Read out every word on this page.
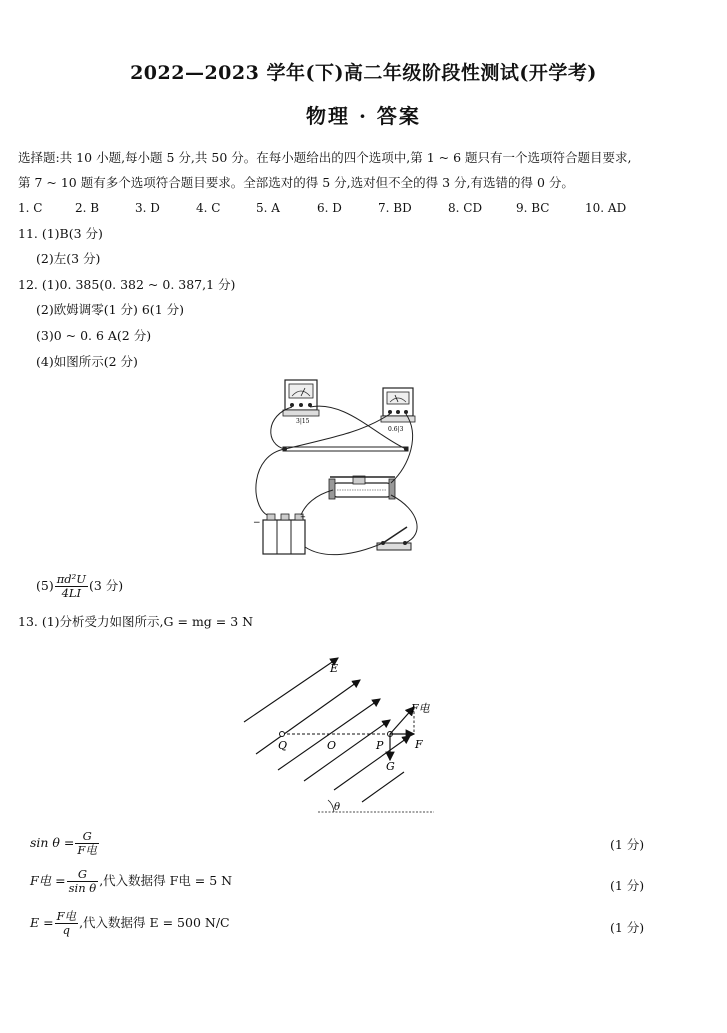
2022—2023 学年(下)高二年级阶段性测试(开学考)
物理 · 答案
选择题:共 10 小题,每小题 5 分,共 50 分。在每小题给出的四个选项中,第 1 ~ 6 题只有一个选项符合题目要求,
第 7 ~ 10 题有多个选项符合题目要求。全部选对的得 5 分,选对但不全的得 3 分,有选错的得 0 分。
1. C	2. B	3. D	4. C	5. A	6. D	7. BD	8. CD	9. BC	10. AD
11. (1)B(3 分)
(2)左(3 分)
12. (1)0. 385(0. 382 ~ 0. 387,1 分)
(2)欧姆调零(1 分) 6(1 分)
(3)0 ~ 0. 6 A(2 分)
(4)如图所示(2 分)
3|15
0.6|3
−
+
$(5) \frac{\text{πd²U}}{4LI} (3$ 分)
13. (1)分析受力如图所示,G = mg = 3 N
E
Q	O	P
F电
F
G
θ
$\sin \theta = \frac{G}{\text{F电}}$	(1 分)
F电 = $\frac{G}{\text{sin θ}}$ ,代入数据得 F电 = 5 N	(1 分)
$E = \frac{\text{F电}}{q}$ ,代入数据得 E = 500 N/C	(1 分)
